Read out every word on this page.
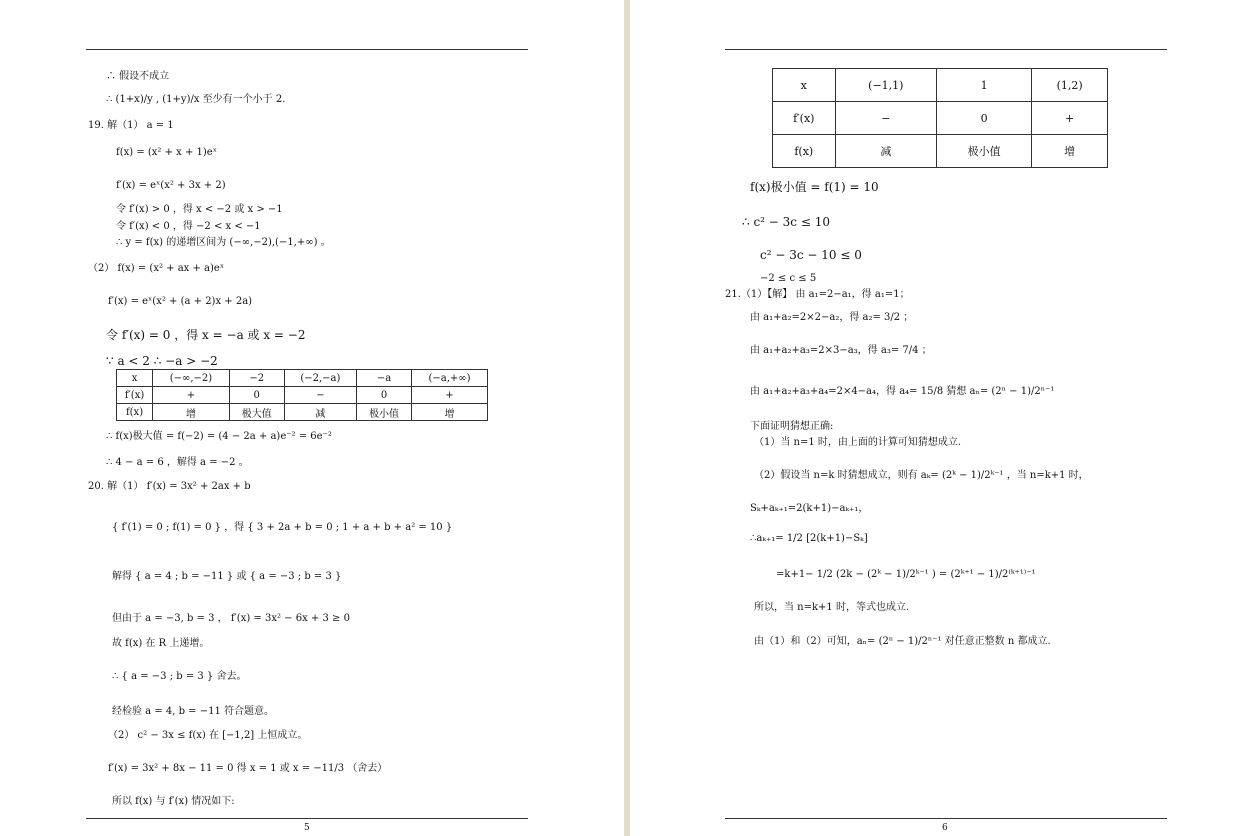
∴ 假设不成立
∴ (1+x)/y , (1+y)/x 至少有一个小于 2.
19. 解（1） a = 1
f(x) = (x² + x + 1)eˣ
f′(x) = eˣ(x² + 3x + 2)
令 f′(x) > 0 ，得 x < −2 或 x > −1
令 f′(x) < 0 ，得 −2 < x < −1
∴ y = f(x) 的递增区间为 (−∞,−2),(−1,+∞) 。
（2） f(x) = (x² + ax + a)eˣ
f′(x) = eˣ(x² + (a + 2)x + 2a)
令 f′(x) = 0 ，得 x = −a 或 x = −2
∵ a < 2 ∴ −a > −2
x	(−∞,−2)	−2	(−2,−a)	−a	(−a,+∞)
f′(x)	+	0	−	0	+
f(x)	增	极大值	减	极小值	增
∴ f(x)极大值 = f(−2) = (4 − 2a + a)e⁻² = 6e⁻²
∴ 4 − a = 6 ，解得 a = −2 。
20. 解（1） f′(x) = 3x² + 2ax + b
{ f′(1) = 0 ; f(1) = 0 } ，得 { 3 + 2a + b = 0 ; 1 + a + b + a² = 10 }
解得 { a = 4 ; b = −11 } 或 { a = −3 ; b = 3 }
但由于 a = −3, b = 3 ， f′(x) = 3x² − 6x + 3 ≥ 0
故 f(x) 在 R 上递增。
∴ { a = −3 ; b = 3 } 舍去。
经检验 a = 4, b = −11 符合题意。
（2） c² − 3x ≤ f(x) 在 [−1,2] 上恒成立。
f′(x) = 3x² + 8x − 11 = 0 得 x = 1 或 x = −11/3 （舍去）
所以 f(x) 与 f′(x) 情况如下:
5
x	(−1,1)	1	(1,2)
f′(x)	−	0	+
f(x)	减	极小值	增
f(x)极小值 = f(1) = 10
∴ c² − 3c ≤ 10
c² − 3c − 10 ≤ 0
−2 ≤ c ≤ 5
21.（1）【解】 由 a₁=2−a₁，得 a₁=1；
由 a₁+a₂=2×2−a₂，得 a₂= 3/2 ；
由 a₁+a₂+a₃=2×3−a₃，得 a₃= 7/4 ；
由 a₁+a₂+a₃+a₄=2×4−a₄，得 a₄= 15/8 猜想 aₙ= (2ⁿ − 1)/2ⁿ⁻¹
下面证明猜想正确:
（1）当 n=1 时，由上面的计算可知猜想成立.
（2）假设当 n=k 时猜想成立，则有 aₖ= (2ᵏ − 1)/2ᵏ⁻¹ ，当 n=k+1 时，
Sₖ+aₖ₊₁=2(k+1)−aₖ₊₁，
∴aₖ₊₁= 1/2 [2(k+1)−Sₖ]
=k+1− 1/2 (2k − (2ᵏ − 1)/2ᵏ⁻¹ ) = (2ᵏ⁺¹ − 1)/2⁽ᵏ⁺¹⁾⁻¹
所以，当 n=k+1 时，等式也成立.
由（1）和（2）可知，aₙ= (2ⁿ − 1)/2ⁿ⁻¹ 对任意正整数 n 都成立.
6
